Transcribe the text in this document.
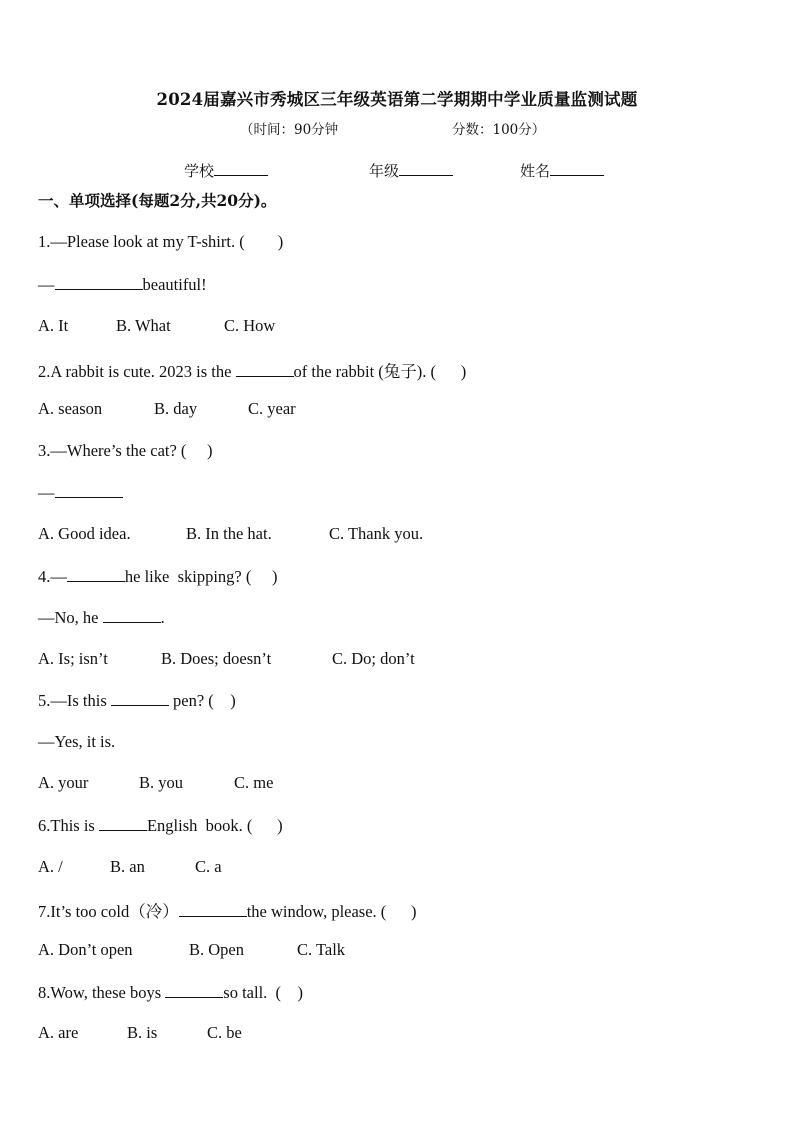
2024届嘉兴市秀城区三年级英语第二学期期中学业质量监测试题
（时间：90分钟	分数：100分）
学校	年级	姓名
一、单项选择(每题2分,共20分)。
1.—Please look at my T-shirt. (        )
—	beautiful!
A. It	B. What	C. How
2.A rabbit is cute. 2023 is the	of the rabbit (兔子). (      )
A. season	B. day	C. year
3.—Where’s the cat? (     )
—
A. Good idea.	B. In the hat.	C. Thank you.
4.—	he like  skipping? (     )
—No, he	.
A. Is; isn’t	B. Does; doesn’t	C. Do; don’t
5.—Is this	pen? (    )
—Yes, it is.
A. your	B. you	C. me
6.This is	English  book. (      )
A. /	B. an	C. a
7.It’s too cold（冷）	the window, please. (      )
A. Don’t open	B. Open	C. Talk
8.Wow, these boys	so tall.  (    )
A. are	B. is	C. be
